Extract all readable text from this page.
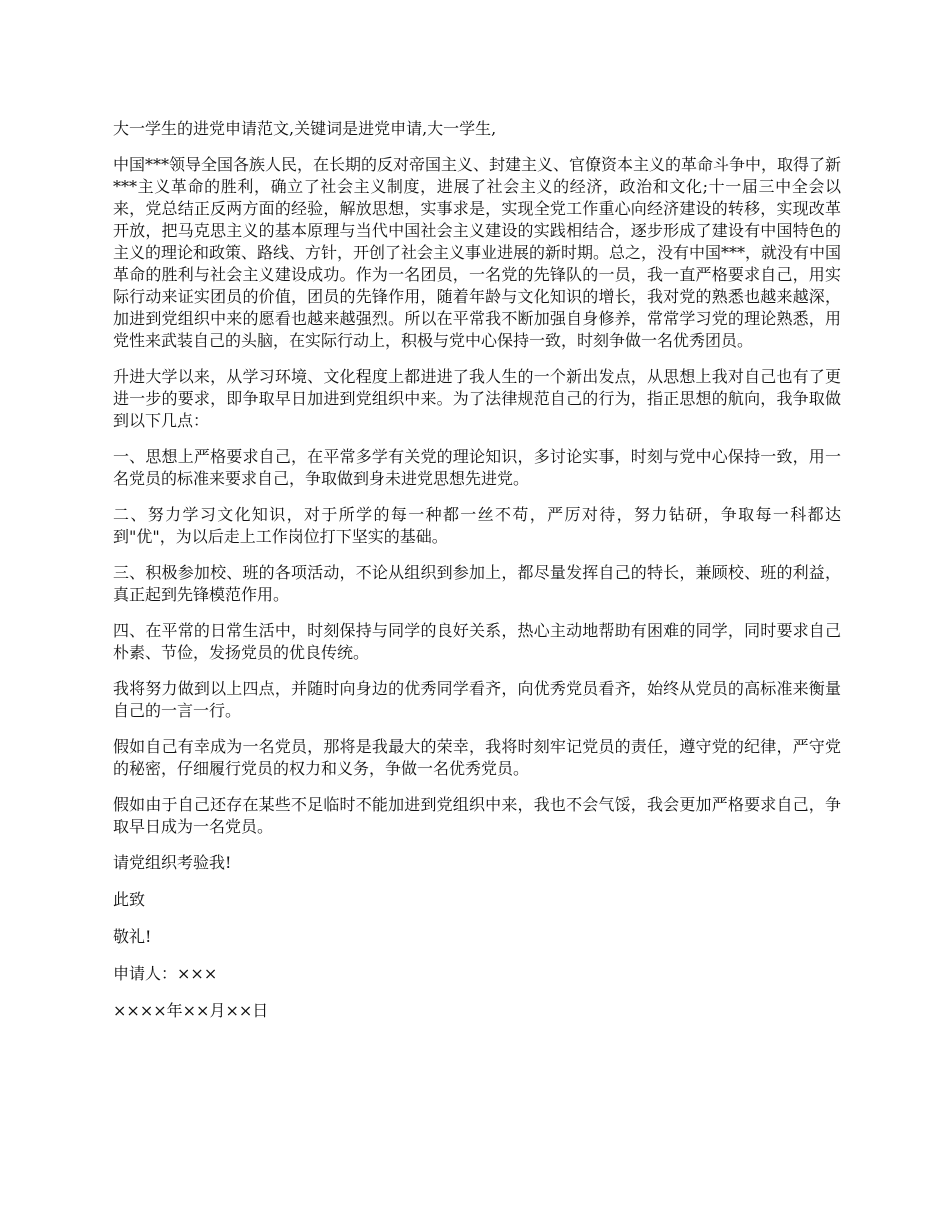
大一学生的进党申请范文,关键词是进党申请,大一学生,

中国***领导全国各族人民，在长期的反对帝国主义、封建主义、官僚资本主义的革命斗争中，取得了新***主义革命的胜利，确立了社会主义制度，进展了社会主义的经济，政治和文化;十一届三中全会以来，党总结正反两方面的经验，解放思想，实事求是，实现全党工作重心向经济建设的转移，实现改革开放，把马克思主义的基本原理与当代中国社会主义建设的实践相结合，逐步形成了建设有中国特色的主义的理论和政策、路线、方针，开创了社会主义事业进展的新时期。总之，没有中国***，就没有中国革命的胜利与社会主义建设成功。作为一名团员，一名党的先锋队的一员，我一直严格要求自己，用实际行动来证实团员的价值，团员的先锋作用，随着年龄与文化知识的增长，我对党的熟悉也越来越深，加进到党组织中来的愿看也越来越强烈。所以在平常我不断加强自身修养，常常学习党的理论熟悉，用党性来武装自己的头脑，在实际行动上，积极与党中心保持一致，时刻争做一名优秀团员。

升进大学以来，从学习环境、文化程度上都进进了我人生的一个新出发点，从思想上我对自己也有了更进一步的要求，即争取早日加进到党组织中来。为了法律规范自己的行为，指正思想的航向，我争取做到以下几点：

一、思想上严格要求自己，在平常多学有关党的理论知识，多讨论实事，时刻与党中心保持一致，用一名党员的标准来要求自己，争取做到身未进党思想先进党。

二、努力学习文化知识，对于所学的每一种都一丝不苟，严厉对待，努力钻研，争取每一科都达到"优"，为以后走上工作岗位打下坚实的基础。

三、积极参加校、班的各项活动，不论从组织到参加上，都尽量发挥自己的特长，兼顾校、班的利益，真正起到先锋模范作用。

四、在平常的日常生活中，时刻保持与同学的良好关系，热心主动地帮助有困难的同学，同时要求自己朴素、节俭，发扬党员的优良传统。

我将努力做到以上四点，并随时向身边的优秀同学看齐，向优秀党员看齐，始终从党员的高标准来衡量自己的一言一行。

假如自己有幸成为一名党员，那将是我最大的荣幸，我将时刻牢记党员的责任，遵守党的纪律，严守党的秘密，仔细履行党员的权力和义务，争做一名优秀党员。

假如由于自己还存在某些不足临时不能加进到党组织中来，我也不会气馁，我会更加严格要求自己，争取早日成为一名党员。

请党组织考验我!

此致

敬礼!

申请人：×××

××××年××月××日
